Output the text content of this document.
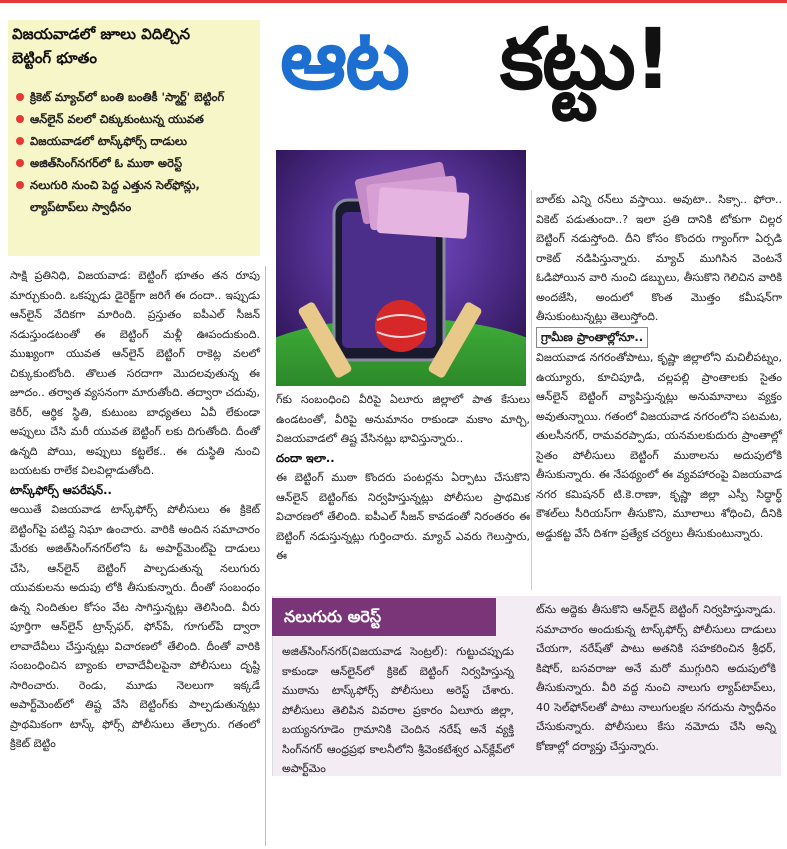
విజయవాడలో జూలు విదిల్చిన బెట్టింగ్ భూతం
క్రికెట్ మ్యాచ్‌లో బంతి బంతికీ 'స్మార్ట్' బెట్టింగ్
ఆన్‌లైన్ వలలో చిక్కుకుంటున్న యువత
విజయవాడలో టాస్క్‌ఫోర్స్ దాడులు
అజిత్‌సింగ్‌నగర్‌లో ఓ ముఠా అరెస్ట్
నలుగురి నుంచి పెద్ద ఎత్తున సెల్‌ఫోన్లు, ల్యాప్‌టాప్‌లు స్వాధీనం
ఆట కట్టు!

సాక్షి ప్రతినిధి, విజయవాడ: బెట్టింగ్ భూతం తన రూపు మార్చుకుంది. ఒకప్పుడు డైరెక్ట్‌గా జరిగే ఈ దందా.. ఇప్పుడు ఆన్‌లైన్ వేదికగా మారింది. ప్రస్తుతం ఐపీఎల్ సీజన్ నడుస్తుండటంతో ఈ బెట్టింగ్ మళ్లీ ఊపందుకుంది. ముఖ్యంగా యువత ఆన్‌లైన్ బెట్టింగ్ రాకెట్ల వలలో చిక్కుకుంటోంది. తొలుత సరదాగా మొదలవుతున్న ఈ జూదం.. తర్వాత వ్యసనంగా మారుతోంది. తద్వారా చదువు, కెరీర్, ఆర్థిక స్థితి, కుటుంబ బాధ్యతలు ఏవీ లేకుండా అప్పులు చేసి మరీ యువత బెట్టింగ్ లకు దిగుతోంది. దీంతో ఉన్నది పోయి, అప్పులు కట్టలేక.. ఈ దుస్థితి నుంచి బయటకు రాలేక విలవిల్లాడుతోంది.

టాస్క్‌ఫోర్స్ ఆపరేషన్..

అయితే విజయవాడ టాస్క్‌ఫోర్స్ పోలీసులు ఈ క్రికెట్ బెట్టింగ్‌పై పటిష్ట నిఘా ఉంచారు. వారికి అందిన సమాచారం మేరకు అజిత్‌సింగ్‌నగర్‌లోని ఓ అపార్ట్‌మెంట్‌పై దాడులు చేసి, ఆన్‌లైన్ బెట్టింగ్ పాల్పడుతున్న నలుగురు యువకులను అదుపు లోకి తీసుకున్నారు. దీంతో సంబంధం ఉన్న నిందితుల కోసం వేట సాగిస్తున్నట్లు తెలిసింది. వీరు పూర్తిగా ఆన్‌లైన్ ట్రాన్స్‌ఫర్, ఫోన్‌పే, గూగుల్‌పే ద్వారా లావాదేవీలు చేస్తున్నట్లు విచారణలో తేలింది. దీంతో వారికి సంబంధించిన బ్యాంకు లావాదేవీలపైనా పోలీసులు దృష్టి సారించారు. రెండు, మూడు నెలలుగా ఇక్కడే అపార్ట్‌మెంట్‌లో తిష్ట వేసి బెట్టింగ్‌కు పాల్పడుతున్నట్లు ప్రాథమికంగా టాస్క్ ఫోర్స్ పోలీసులు తేల్చారు. గతంలో క్రికెట్ బెట్టిం

గ్‌కు సంబంధించి వీరిపై ఏలూరు జిల్లాలో పాత కేసులు ఉండటంతో, వీరిపై అనుమానం రాకుండా మకాం మార్చి, విజయవాడలో తిష్ట వేసినట్లు భావిస్తున్నారు..

దందా ఇలా..

ఈ బెట్టింగ్ ముఠా కొందరు పంటర్లను ఏర్పాటు చేసుకొని ఆన్‌లైన్ బెట్టింగ్‌కు నిర్వహిస్తున్నట్లు పోలీసుల ప్రాథమిక విచారణలో తేలింది. ఐపీఎల్ సీజన్ కావడంతో నిరంతరం ఈ బెట్టింగ్ నడుస్తున్నట్లు గుర్తించారు. మ్యాచ్ ఎవరు గెలుస్తారు, ఈ

బాల్‌కు ఎన్ని రన్‌లు వస్తాయి. అవుటా.. సిక్సా.. ఫోరా.. వికెట్ పడుతుందా..? ఇలా ప్రతి దానికి టోకుగా చిల్లర బెట్టింగ్ నడుస్తోంది. దీని కోసం కొందరు గ్యాంగ్‌గా ఏర్పడి రాకెట్ నడిపిస్తున్నారు. మ్యాచ్ ముగిసిన వెంటనే ఓడిపోయిన వారి నుంచి డబ్బులు, తీసుకొని గెలిచిన వారికి అందజేసి, అందులో కొంత మొత్తం కమీషన్‌గా తీసుకుంటున్నట్లు తెలుస్తోంది.

గ్రామీణ ప్రాంతాల్లోనూ..

విజయవాడ నగరంతోపాటు, కృష్ణా జిల్లాలోని మచిలీపట్నం, ఉయ్యూరు, కూచిపూడి, చల్లపల్లి ప్రాంతాలకు సైతం ఆన్‌లైన్ బెట్టింగ్ వ్యాపిస్తున్నట్లు అనుమానాలు వ్యక్తం అవుతున్నాయి. గతంలో విజయవాడ నగరంలోని పటమట, తులసీనగర్, రామవరప్పాడు, యనమలకుదురు ప్రాంతాల్లో సైతం పోలీసులు బెట్టింగ్ ముఠాలను అదుపులోకి తీసుకున్నారు. ఈ నేపథ్యంలో ఈ వ్యవహారంపై విజయవాడ నగర కమిషనర్ టి.కె.రాణా, కృష్ణా జిల్లా ఎస్పీ సిద్ధార్థ్ కౌశల్‌లు సీరియస్‌గా తీసుకొని, మూలాలు శోధించి, దీనికి అడ్డుకట్ట వేసే దిశగా ప్రత్యేక చర్యలు తీసుకుంటున్నారు.

నలుగురు అరెస్ట్

అజిత్‌సింగ్‌నగర్(విజయవాడ సెంట్రల్): గుట్టుచప్పుడు కాకుండా ఆన్‌లైన్‌లో క్రికెట్ బెట్టింగ్ నిర్వహిస్తున్న ముఠాను టాస్క్‌ఫోర్స్ పోలీసులు అరెస్ట్ చేశారు. పోలీసులు తెలిపిన వివరాల ప్రకారం ఏలూరు జిల్లా, బయ్యనగూడెం గ్రామానికి చెందిన నరేష్ అనే వ్యక్తి సింగ్‌నగర్ ఆంధ్రప్రభ కాలనీలోని శ్రీవెంకటేశ్వర ఎన్‌క్లేవ్‌లో అపార్ట్‌మెం

ట్‌ను అద్దెకు తీసుకొని ఆన్‌లైన్ బెట్టింగ్ నిర్వహిస్తున్నాడు. సమాచారం అందుకున్న టాస్క్‌ఫోర్స్ పోలీసులు దాడులు చేయగా, నరేష్‌తో పాటు అతనికి సహకరించిన శ్రీధర్, కిషోర్, బసవరాజు అనే మరో ముగ్గురిని అదుపులోకి తీసుకున్నారు. వీరి వద్ద నుంచి నాలుగు ల్యాప్‌టాప్‌లు, 40 సెల్‌ఫోన్‌లతో పాటు నాలుగులక్షల నగదును స్వాధీనం చేసుకున్నారు. పోలీసులు కేసు నమోదు చేసి అన్ని కోణాల్లో దర్యాప్తు చేస్తున్నారు.
